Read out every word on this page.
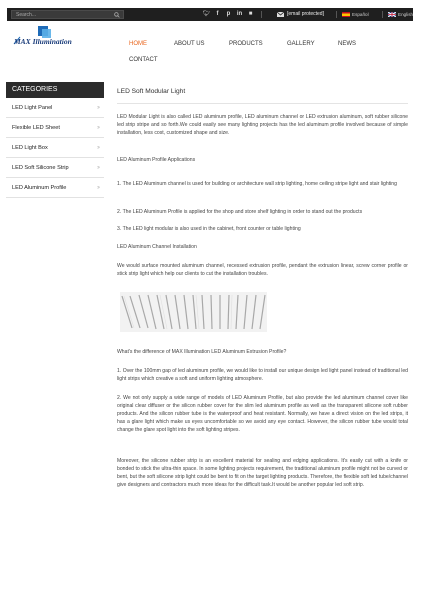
Search...
🐦︎ f	p in ■	[email protected]	Español	English
MAX Illumination	HOME	ABOUT US	PRODUCTS	GALLERY	NEWS
CONTACT
CATEGORIES
LED Light Panel	››
Flexible LED Sheet	››
LED Light Box	››
LED Soft Silicone Strip	››
LED Aluminum Profile	››
LED Soft Modular Light
LED Modular Light is also called LED aluminum profile, LED aluminum channel or LED extrusion aluminum, soft rubber silicone led strip stripe and so forth.We could easily see many lighting projects has the led aluminum profile involved because of simple installation, less cost, customized shape and size.
LED Aluminum Profile Applications
1. The LED Aluminum channel is used for building or architecture wall strip lighting, home ceiling stripe light and stair lighting
2. The LED Aluminum Profile is applied for the shop and store shelf lighting in order to stand out the products
3. The LED light modular is also used in the cabinet, front counter or table lighting
LED Aluminum Channel Installation
We would surface mounted aluminum channel, recessed extrusion profile, pendant the extrusion linear, screw corner profile or stick strip light which help our clients to cut the installation troubles.
What's the difference of MAX Illumination LED Aluminum Extrusion Profile?
1. Over the 100mm gap of led aluminum profile, we would like to install our unique design led light panel instead of traditional led light strips which creative a soft and uniform lighting atmosphere.
2. We not only supply a wide range of models of LED Aluminum Profile, but also provide the led aluminum channel cover like original clear diffuser or the silicon rubber cover for the slim led aluminum profile as well as the transparent silicone soft rubber products. And the silicon rubber tube is the waterproof and heat resistant. Normally, we have a direct vision on the led strips, it has a glare light which make us eyes uncomfortable so we avoid any eye contact. However, the silicon rubber tube would total change the glare spot light into the soft lighting stripes.
Moreover, the silicone rubber strip is an excellent material for sealing and edging applications. It's easily cut with a knife or bonded to stick the ultra-thin space. In some lighting projects requirement, the traditional aluminum profile might not be curved or bent, but the soft silicone strip light could be bent to fit on the target lighting products. Therefore, the flexible soft led tube/channel give designers and contractors much more ideas for the difficult task.It would be another popular led soft strip.
